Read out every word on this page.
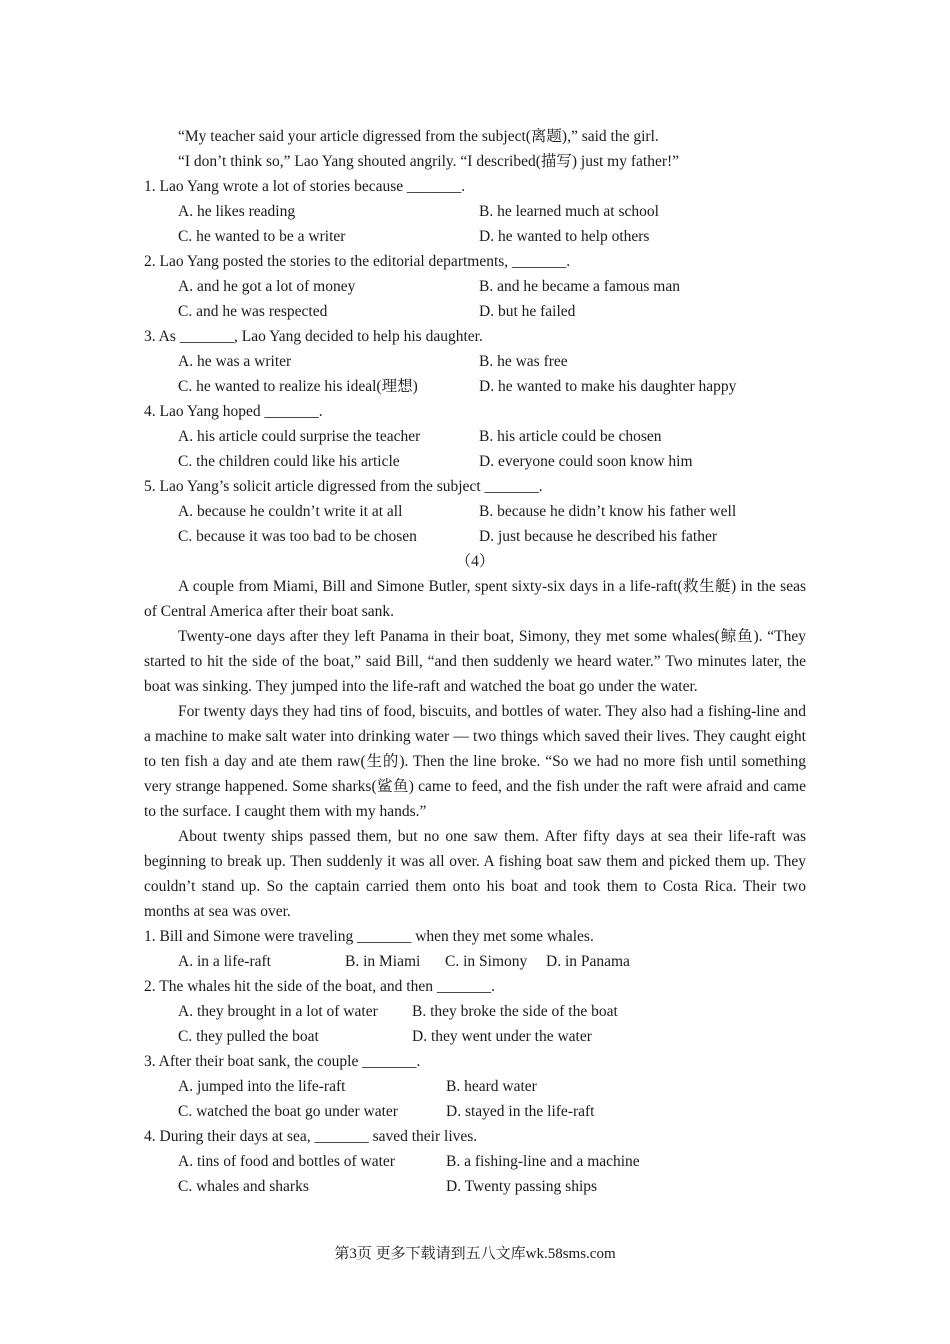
“My teacher said your article digressed from the subject(离题),” said the girl.
“I don’t think so,” Lao Yang shouted angrily. “I described(描写) just my father!”
1. Lao Yang wrote a lot of stories because _______.
A. he likes reading	B. he learned much at school
C. he wanted to be a writer	D. he wanted to help others
2. Lao Yang posted the stories to the editorial departments, _______.
A. and he got a lot of money	B. and he became a famous man
C. and he was respected	D. but he failed
3. As _______, Lao Yang decided to help his daughter.
A. he was a writer	B. he was free
C. he wanted to realize his ideal(理想)	D. he wanted to make his daughter happy
4. Lao Yang hoped _______.
A. his article could surprise the teacher	B. his article could be chosen
C. the children could like his article	D. everyone could soon know him
5. Lao Yang’s solicit article digressed from the subject _______.
A. because he couldn’t write it at all	B. because he didn’t know his father well
C. because it was too bad to be chosen	D. just because he described his father
（4）

A couple from Miami, Bill and Simone Butler, spent sixty-six days in a life-raft(救生艇) in the seas of Central America after their boat sank.

Twenty-one days after they left Panama in their boat, Simony, they met some whales(鲸鱼). “They started to hit the side of the boat,” said Bill, “and then suddenly we heard water.” Two minutes later, the boat was sinking. They jumped into the life-raft and watched the boat go under the water.

For twenty days they had tins of food, biscuits, and bottles of water. They also had a fishing-line and a machine to make salt water into drinking water — two things which saved their lives. They caught eight to ten fish a day and ate them raw(生的). Then the line broke. “So we had no more fish until something very strange happened. Some sharks(鲨鱼) came to feed, and the fish under the raft were afraid and came to the surface. I caught them with my hands.”

About twenty ships passed them, but no one saw them. After fifty days at sea their life-raft was beginning to break up. Then suddenly it was all over. A fishing boat saw them and picked them up. They couldn’t stand up. So the captain carried them onto his boat and took them to Costa Rica. Their two months at sea was over.

1. Bill and Simone were traveling _______ when they met some whales.
A. in a life-raft	B. in Miami C. in Simony D. in Panama
2. The whales hit the side of the boat, and then _______.
A. they brought in a lot of water B. they broke the side of the boat
C. they pulled the boat	D. they went under the water
3. After their boat sank, the couple _______.
A. jumped into the life-raft	B. heard water
C. watched the boat go under water	D. stayed in the life-raft
4. During their days at sea, _______ saved their lives.
A. tins of food and bottles of water	B. a fishing-line and a machine
C. whales and sharks	D. Twenty passing ships
第3页 更多下载请到五八文库wk.58sms.com
